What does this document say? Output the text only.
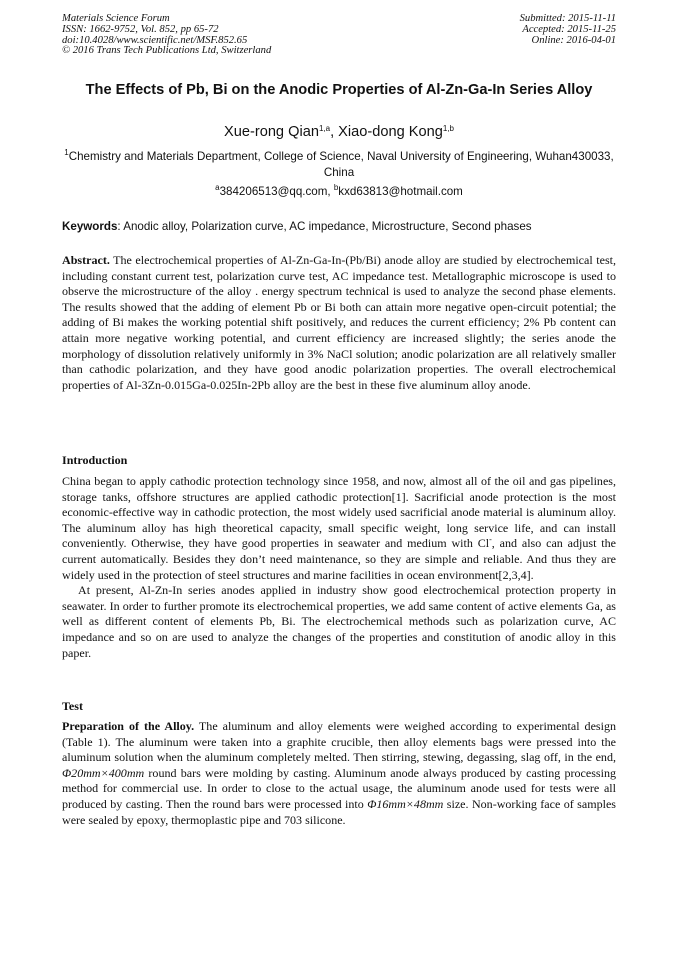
Materials Science Forum
ISSN: 1662-9752, Vol. 852, pp 65-72
doi:10.4028/www.scientific.net/MSF.852.65
© 2016 Trans Tech Publications Ltd, Switzerland
Submitted: 2015-11-11
Accepted: 2015-11-25
Online: 2016-04-01
The Effects of Pb, Bi on the Anodic Properties of Al-Zn-Ga-In Series Alloy
Xue-rong Qian$^{1,a}$, Xiao-dong Kong$^{1,b}$
$^1$Chemistry and Materials Department, College of Science, Naval University of Engineering, Wuhan430033, China
$^a$384206513@qq.com, $^b$kxd63813@hotmail.com
Keywords: Anodic alloy, Polarization curve, AC impedance, Microstructure, Second phases

Abstract. The electrochemical properties of Al-Zn-Ga-In-(Pb/Bi) anode alloy are studied by electrochemical test, including constant current test, polarization curve test, AC impedance test. Metallographic microscope is used to observe the microstructure of the alloy . energy spectrum technical is used to analyze the second phase elements. The results showed that the adding of element Pb or Bi both can attain more negative open-circuit potential; the adding of Bi makes the working potential shift positively, and reduces the current efficiency; 2% Pb content can attain more negative working potential, and current efficiency are increased slightly; the series anode the morphology of dissolution relatively uniformly in 3% NaCl solution; anodic polarization are all relatively smaller than cathodic polarization, and they have good anodic polarization properties. The overall electrochemical properties of Al-3Zn-0.015Ga-0.025In-2Pb alloy are the best in these five aluminum alloy anode.

Introduction

China began to apply cathodic protection technology since 1958, and now, almost all of the oil and gas pipelines, storage tanks, offshore structures are applied cathodic protection[1]. Sacrificial anode protection is the most economic-effective way in cathodic protection, the most widely used sacrificial anode material is aluminum alloy. The aluminum alloy has high theoretical capacity, small specific weight, long service life, and can install conveniently. Otherwise, they have good properties in seawater and medium with Cl-, and also can adjust the current automatically. Besides they don’t need maintenance, so they are simple and reliable. And thus they are widely used in the protection of steel structures and marine facilities in ocean environment[2,3,4].

At present, Al-Zn-In series anodes applied in industry show good electrochemical protection property in seawater. In order to further promote its electrochemical properties, we add same content of active elements Ga, as well as different content of elements Pb, Bi. The electrochemical methods such as polarization curve, AC impedance and so on are used to analyze the changes of the properties and constitution of anodic alloy in this paper.

Test

Preparation of the Alloy. The aluminum and alloy elements were weighed according to experimental design (Table 1). The aluminum were taken into a graphite crucible, then alloy elements bags were pressed into the aluminum solution when the aluminum completely melted. Then stirring, stewing, degassing, slag off, in the end, Φ20mm×400mm round bars were molding by casting. Aluminum anode always produced by casting processing method for commercial use. In order to close to the actual usage, the aluminum anode used for tests were all produced by casting. Then the round bars were processed into Φ16mm×48mm size. Non-working face of samples were sealed by epoxy, thermoplastic pipe and 703 silicone.
